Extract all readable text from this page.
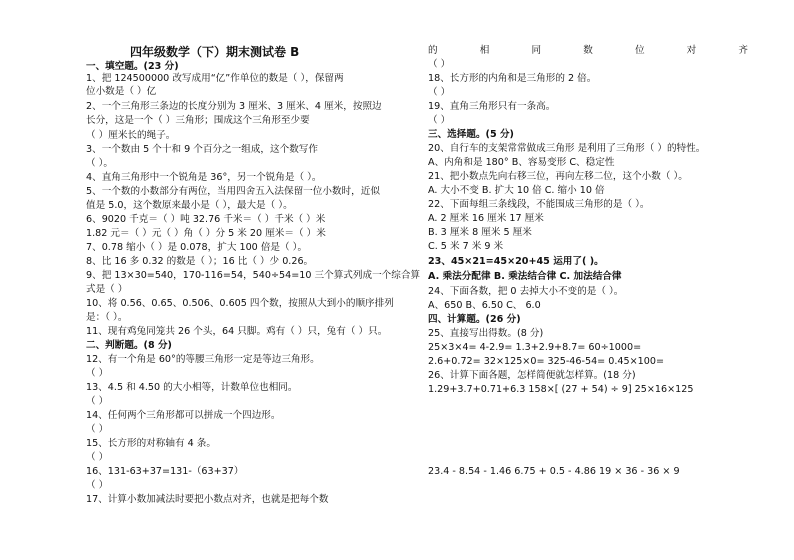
四年级数学（下）期末测试卷 B
一、填空题。(23 分)
1、把 124500000 改写成用“亿”作单位的数是（ ），保留两
位小数是（ ）亿
2、一个三角形三条边的长度分别为 3 厘米、3 厘米、4 厘米，按照边
长分，这是一个（ ）三角形；围成这个三角形至少要
（ ）厘米长的绳子。
3、一个数由 5 个十和 9 个百分之一组成，这个数写作
（ ）。
4、直角三角形中一个锐角是 36°，另一个锐角是（ ）。
5、一个数的小数部分有两位，当用四舍五入法保留一位小数时，近似
值是 5.0，这个数原来最小是（ ），最大是（ ）。
6、9020 千克＝（ ）吨 32.76 千米＝（ ）千米（ ）米
1.82 元＝（ ）元（ ）角（ ）分 5 米 20 厘米＝（ ）米
7、0.78 缩小（ ）是 0.078，扩大 100 倍是（ ）。
8、比 16 多 0.32 的数是（ ）；16 比（ ）少 0.26。
9、把 13×30=540，170-116=54，540÷54=10 三个算式列成一个综合算
式是（ ）
10、将 0.56、0.65、0.506、0.605 四个数，按照从大到小的顺序排列
是：（ ）。
11、现有鸡兔同笼共 26 个头，64 只脚。鸡有（ ）只，兔有（ ）只。
二、判断题。(8 分)
12、有一个角是 60°的等腰三角形一定是等边三角形。
（ ）
13、4.5 和 4.50 的大小相等，计数单位也相同。
（ ）
14、任何两个三角形都可以拼成一个四边形。
（ ）
15、长方形的对称轴有 4 条。
（ ）
16、131-63+37=131-（63+37）
（ ）
17、计算小数加减法时要把小数点对齐，也就是把每个数
的	相	同	数	位	对	齐
（ ）
18、长方形的内角和是三角形的 2 倍。
（ ）
19、直角三角形只有一条高。
（ ）
三、选择题。(5 分)
20、自行车的支架常常做成三角形 是利用了三角形（ ）的特性。
A、内角和是 180° B、容易变形 C、稳定性
21、把小数点先向右移三位，再向左移二位，这个小数（ ）。
A. 大小不变 B. 扩大 10 倍 C. 缩小 10 倍
22、下面每组三条线段，不能围成三角形的是（ ）。
A. 2 厘米 16 厘米 17 厘米
B. 3 厘米 8 厘米 5 厘米
C. 5 米 7 米 9 米
23、45×21=45×20+45 运用了( )。
A. 乘法分配律 B. 乘法结合律 C. 加法结合律
24、下面各数，把 0 去掉大小不变的是（ ）。
A、650 B、6.50 C、 6.0
四、计算题。(26 分)
25、直接写出得数。(8 分)
25×3×4= 4-2.9= 1.3+2.9+8.7= 60÷1000=
2.6+0.72= 32×125×0= 325-46-54= 0.45×100=
26、计算下面各题，怎样简便就怎样算。(18 分)
1.29+3.7+0.71+6.3 158×[ (27 + 54) ÷ 9] 25×16×125
23.4 - 8.54 - 1.46 6.75 + 0.5 - 4.86 19 × 36 - 36 × 9
